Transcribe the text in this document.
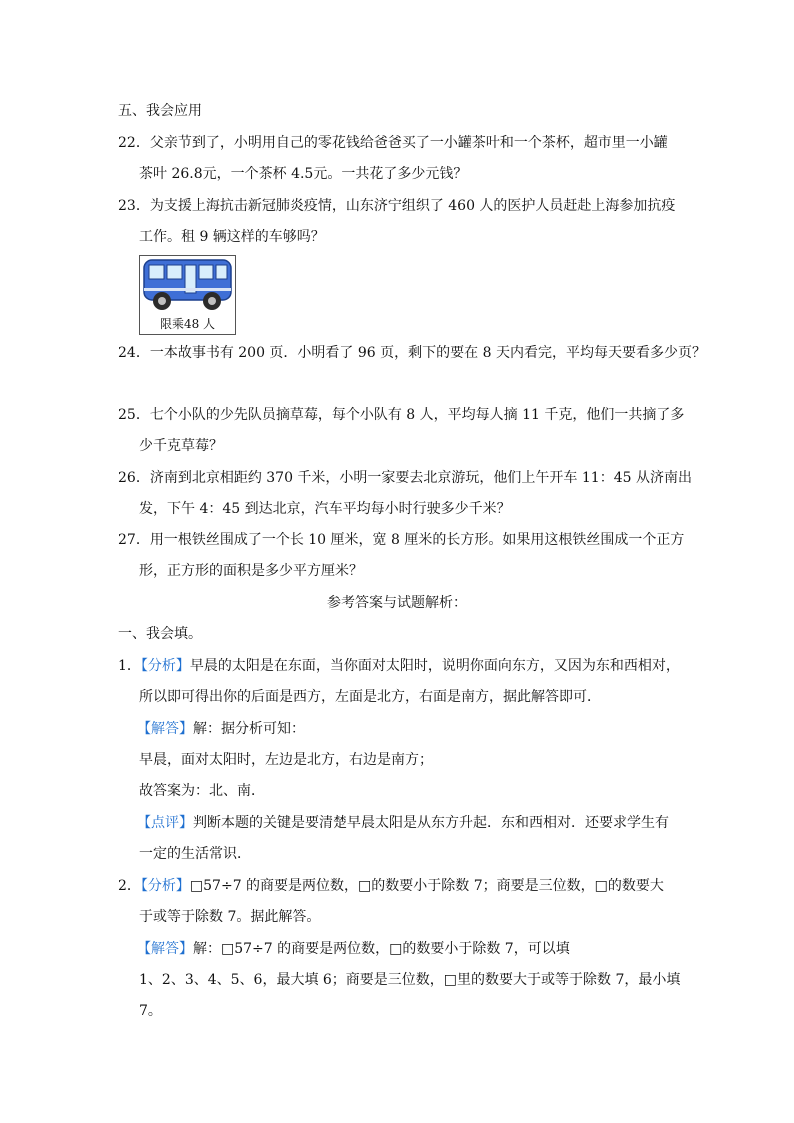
五、我会应用
22．父亲节到了，小明用自己的零花钱给爸爸买了一小罐茶叶和一个茶杯，超市里一小罐
茶叶 26.8元，一个茶杯 4.5元。一共花了多少元钱？
23．为支援上海抗击新冠肺炎疫情，山东济宁组织了 460 人的医护人员赶赴上海参加抗疫
工作。租 9 辆这样的车够吗？
限乘48 人
24．一本故事书有 200 页．小明看了 96 页，剩下的要在 8 天内看完，平均每天要看多少页？
25．七个小队的少先队员摘草莓，每个小队有 8 人，平均每人摘 11 千克，他们一共摘了多
少千克草莓？
26．济南到北京相距约 370 千米，小明一家要去北京游玩，他们上午开车 11：45 从济南出
发，下午 4：45 到达北京，汽车平均每小时行驶多少千米？
27．用一根铁丝围成了一个长 10 厘米，宽 8 厘米的长方形。如果用这根铁丝围成一个正方
形，正方形的面积是多少平方厘米？
参考答案与试题解析：
一、我会填。
1．【分析】早晨的太阳是在东面，当你面对太阳时，说明你面向东方，又因为东和西相对，
所以即可得出你的后面是西方，左面是北方，右面是南方，据此解答即可．
【解答】解：据分析可知：
早晨，面对太阳时，左边是北方，右边是南方；
故答案为：北、南．
【点评】判断本题的关键是要清楚早晨太阳是从东方升起．东和西相对．还要求学生有
一定的生活常识．
2．【分析】□57÷7 的商要是两位数，□的数要小于除数 7；商要是三位数，□的数要大
于或等于除数 7。据此解答。
【解答】解：□57÷7 的商要是两位数，□的数要小于除数 7，可以填
1、2、3、4、5、6，最大填 6；商要是三位数，□里的数要大于或等于除数 7，最小填
7。
